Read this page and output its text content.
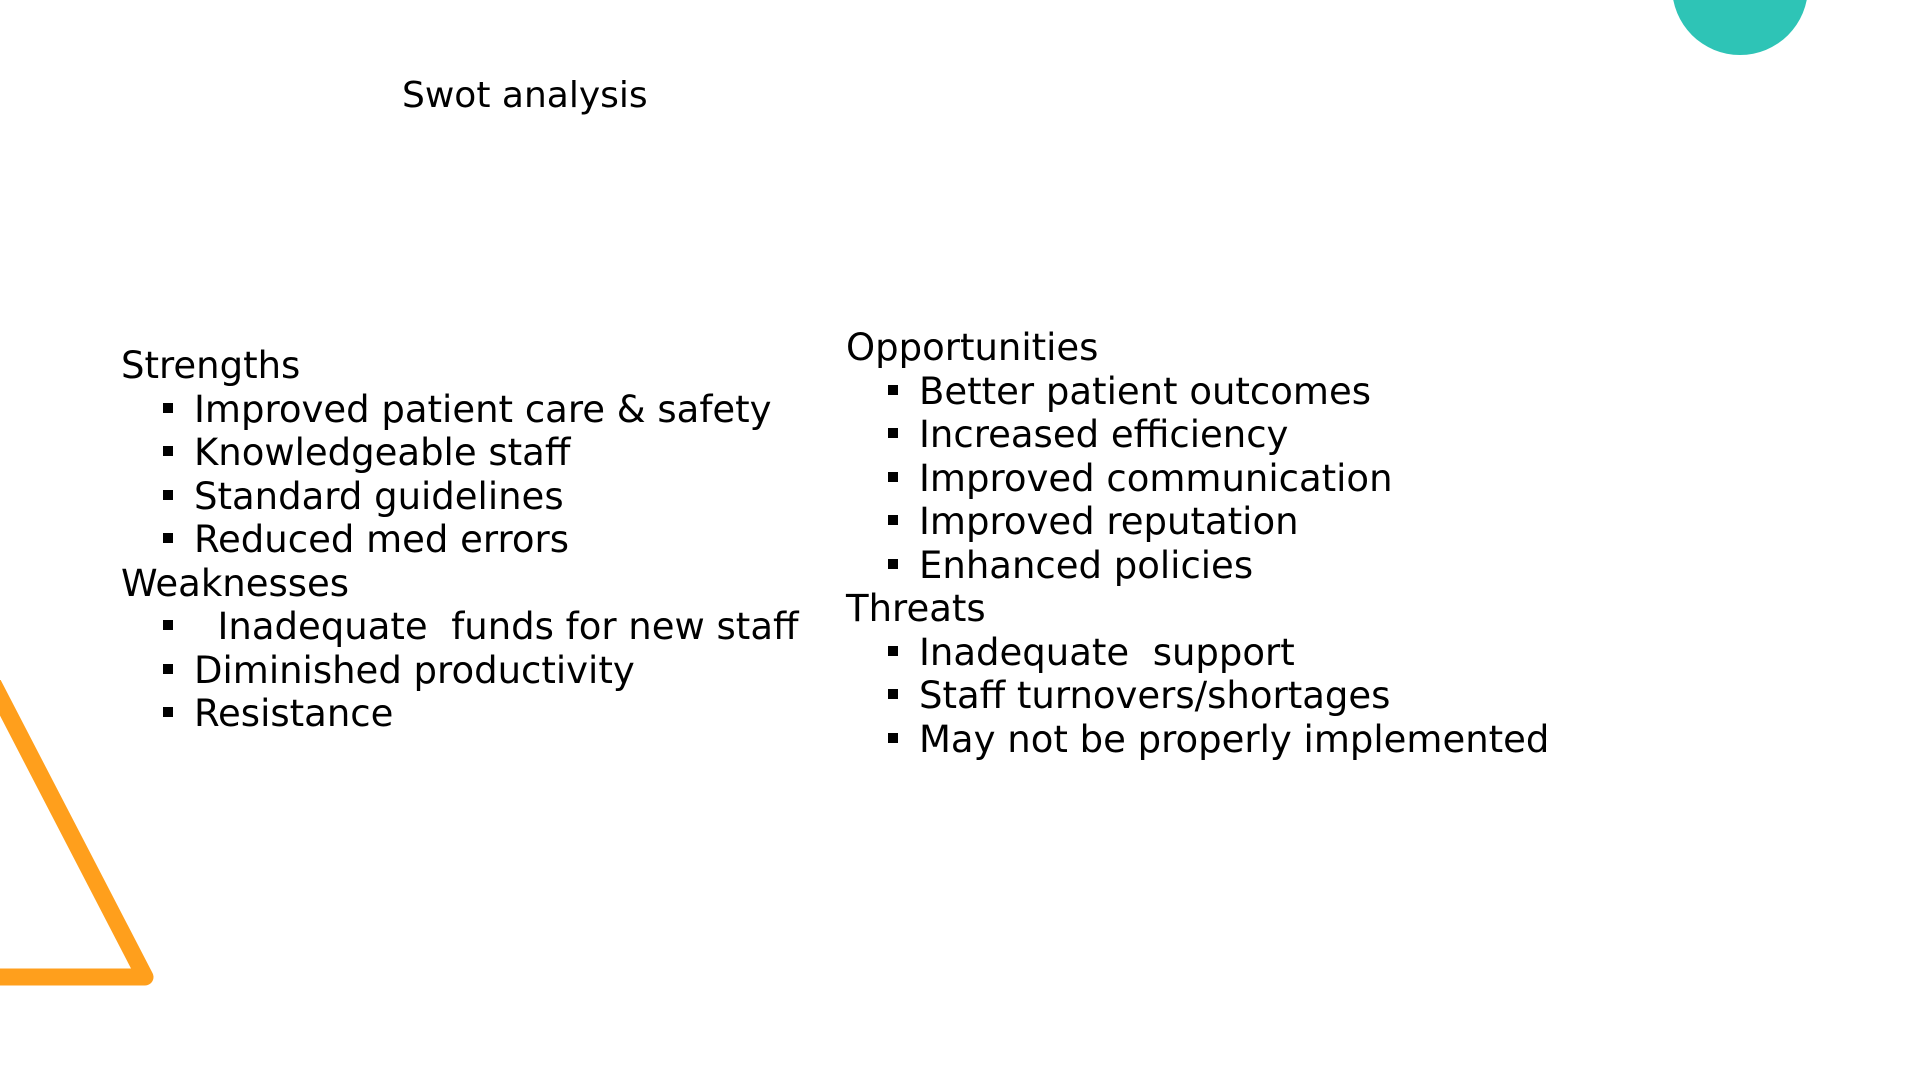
Swot analysis
Strengths
Improved patient care & safety
Knowledgeable staff
Standard guidelines
Reduced med errors
Weaknesses
Inadequate  funds for new staff
Diminished productivity
Resistance
Opportunities
Better patient outcomes
Increased efficiency
Improved communication
Improved reputation
Enhanced policies
Threats
Inadequate  support
Staff turnovers/shortages
May not be properly implemented
